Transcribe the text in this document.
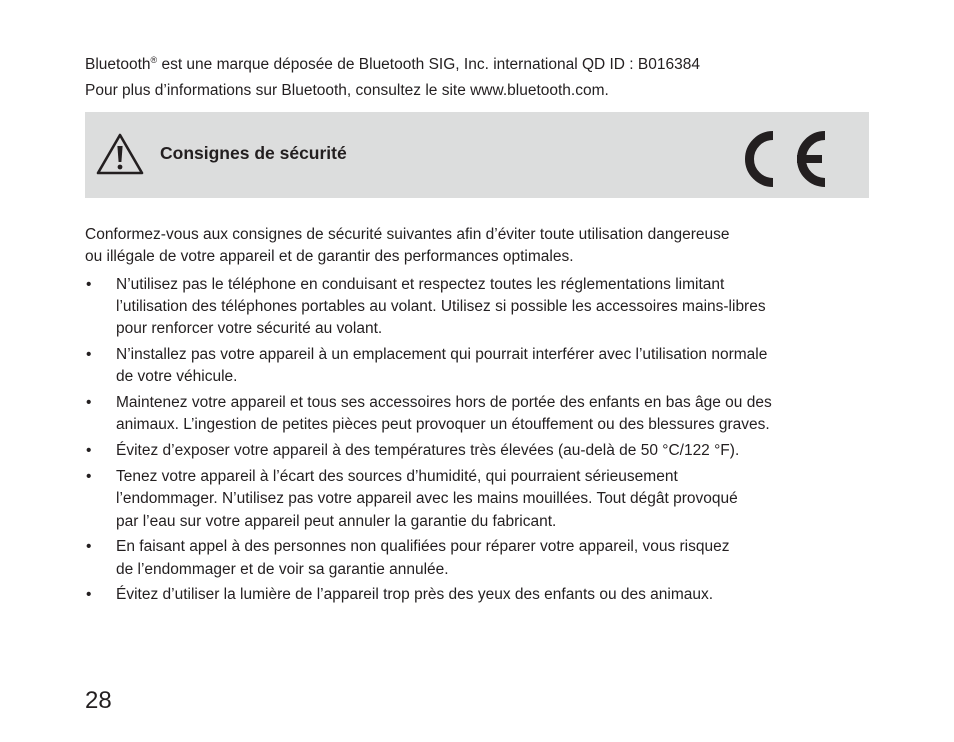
Bluetooth® est une marque déposée de Bluetooth SIG, Inc. international QD ID : B016384

Pour plus d’informations sur Bluetooth, consultez le site www.bluetooth.com.

Consignes de sécurité

Conformez-vous aux consignes de sécurité suivantes afin d’éviter toute utilisation dangereuse
ou illégale de votre appareil et de garantir des performances optimales.

• N’utilisez pas le téléphone en conduisant et respectez toutes les réglementations limitant
l’utilisation des téléphones portables au volant. Utilisez si possible les accessoires mains-libres
pour renforcer votre sécurité au volant.
• N’installez pas votre appareil à un emplacement qui pourrait interférer avec l’utilisation normale
de votre véhicule.
• Maintenez votre appareil et tous ses accessoires hors de portée des enfants en bas âge ou des
animaux. L’ingestion de petites pièces peut provoquer un étouffement ou des blessures graves.
• Évitez d’exposer votre appareil à des températures très élevées (au-delà de 50 °C/122 °F).
• Tenez votre appareil à l’écart des sources d’humidité, qui pourraient sérieusement
l’endommager. N’utilisez pas votre appareil avec les mains mouillées. Tout dégât provoqué
par l’eau sur votre appareil peut annuler la garantie du fabricant.
• En faisant appel à des personnes non qualifiées pour réparer votre appareil, vous risquez
de l’endommager et de voir sa garantie annulée.
• Évitez d’utiliser la lumière de l’appareil trop près des yeux des enfants ou des animaux.
28
